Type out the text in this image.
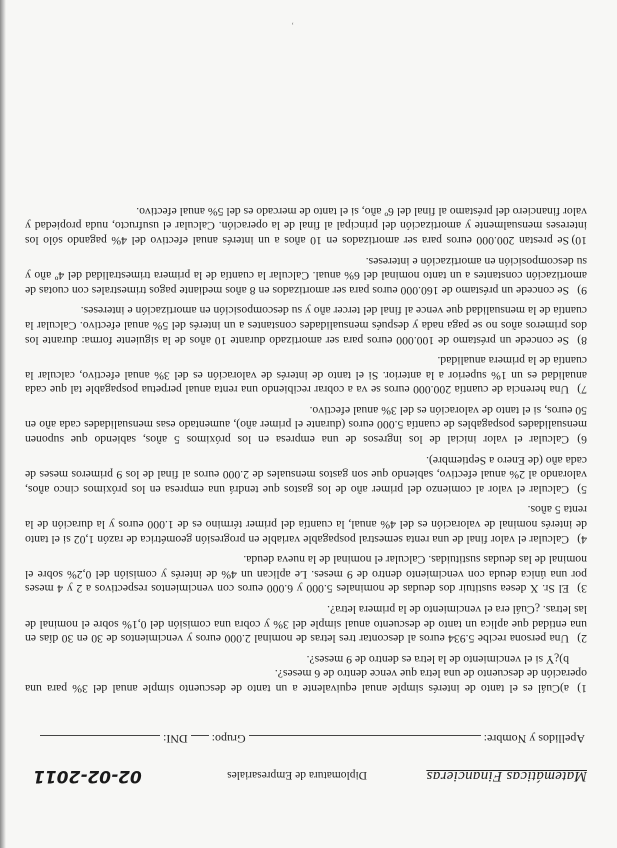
Matemáticas Financieras
Diplomatura de Empresariales
02-02-2011
Apellidos y Nombre:  Grupo:  DNI:
1)a)Cuál es el tanto de interés simple anual equivalente a un tanto de descuento simple anual del 3% para una operación de descuento de una letra que vence dentro de 6 meses?.
b)¿Y si el vencimiento de la letra es dentro de 9 meses?.
2)Una persona recibe 5.934 euros al descontar tres letras de nominal 2.000 euros y vencimientos de 30 en 30 días en una entidad que aplica un tanto de descuento anual simple del 3% y cobra una comisión del 0,1% sobre el nominal de las letras. ¿Cuál era el vencimiento de la primera letra?.
3)El Sr. X desea sustituir dos deudas de nominales 5.000 y 6.000 euros con vencimientos respectivos a 2 y 4 meses por una única deuda con vencimiento dentro de 9 meses. Le aplican un 4% de interés y comisión del 0,2% sobre el nominal de las deudas sustituidas. Calcular el nominal de la nueva deuda.
4)Calcular el valor final de una renta semestral pospagable variable en progresión geométrica de razón 1,02 si el tanto de interés nominal de valoración es del 4% anual, la cuantía del primer término es de 1.000 euros y la duración de la renta 5 años.
5)Calcular el valor al comienzo del primer año de los gastos que tendrá una empresa en los próximos cinco años, valorando al 2% anual efectivo, sabiendo que son gastos mensuales de 2.000 euros al final de los 9 primeros meses de cada año (de Enero a Septiembre).
6)Calcular el valor inicial de los ingresos de una empresa en los próximos 5 años, sabiendo que suponen mensualidades pospagables de cuantía 5.000 euros (durante el primer año), aumentado esas mensualidades cada año en 50 euros, si el tanto de valoración es del 3% anual efectivo.
7)Una herencia de cuantía 200.000 euros se va a cobrar recibiendo una renta anual perpetua pospagable tal que cada anualidad es un 1% superior a la anterior. Si el tanto de interés de valoración es del 3% anual efectivo, calcular la cuantía de la primera anualidad.
8)Se concede un préstamo de 100.000 euros para ser amortizado durante 10 años de la siguiente forma: durante los dos primeros años no se paga nada y después mensualidades constantes a un interés del 5% anual efectivo. Calcular la cuantía de la mensualidad que vence al final del tercer año y su descomposición en amortización e intereses.
9)Se concede un préstamo de 160.000 euros para ser amortizados en 8 años mediante pagos trimestrales con cuotas de amortización constantes a un tanto nominal del 6% anual. Calcular la cuantía de la primera trimestralidad del 4º año y su descomposición en amortización e intereses.
10)Se prestan 200.000 euros para ser amortizados en 10 años a un interés anual efectivo del 4% pagando sólo los intereses mensualmente y amortización del principal al final de la operación. Calcular el usufructo, nuda propiedad y valor financiero del préstamo al final del 6º año, si el tanto de mercado es del 5% anual efectivo.
ʼ
